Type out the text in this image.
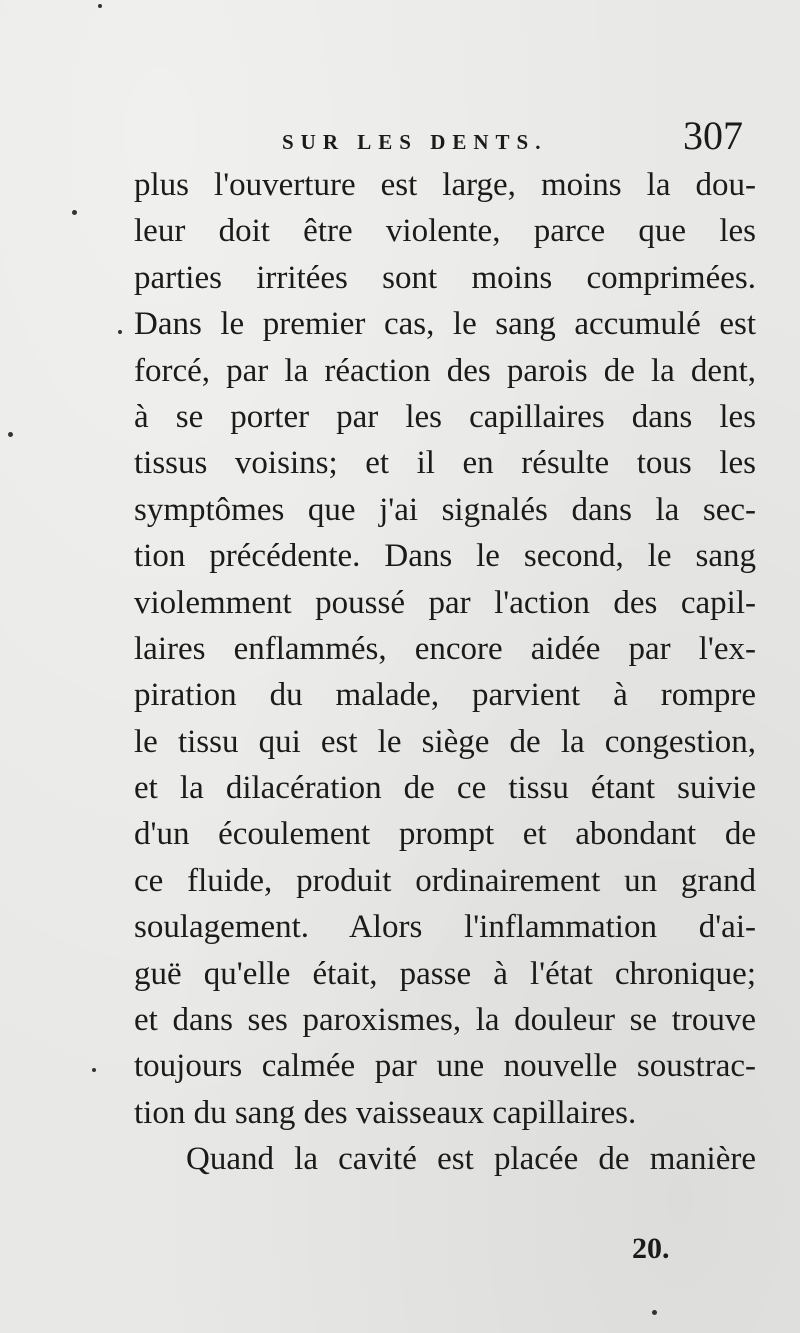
SUR LES DENTS.	307
plus l'ouverture est large, moins la dou-
leur doit être violente, parce que les
parties irritées sont moins comprimées.
Dans le premier cas, le sang accumulé est
forcé, par la réaction des parois de la dent,
à se porter par les capillaires dans les
tissus voisins; et il en résulte tous les
symptômes que j'ai signalés dans la sec-
tion précédente. Dans le second, le sang
violemment poussé par l'action des capil-
laires enflammés, encore aidée par l'ex-
piration du malade, parvient à rompre
le tissu qui est le siège de la congestion,
et la dilacération de ce tissu étant suivie
d'un écoulement prompt et abondant de
ce fluide, produit ordinairement un grand
soulagement. Alors l'inflammation d'ai-
guë qu'elle était, passe à l'état chronique;
et dans ses paroxismes, la douleur se trouve
toujours calmée par une nouvelle soustrac-
tion du sang des vaisseaux capillaires.
Quand la cavité est placée de manière
20.
